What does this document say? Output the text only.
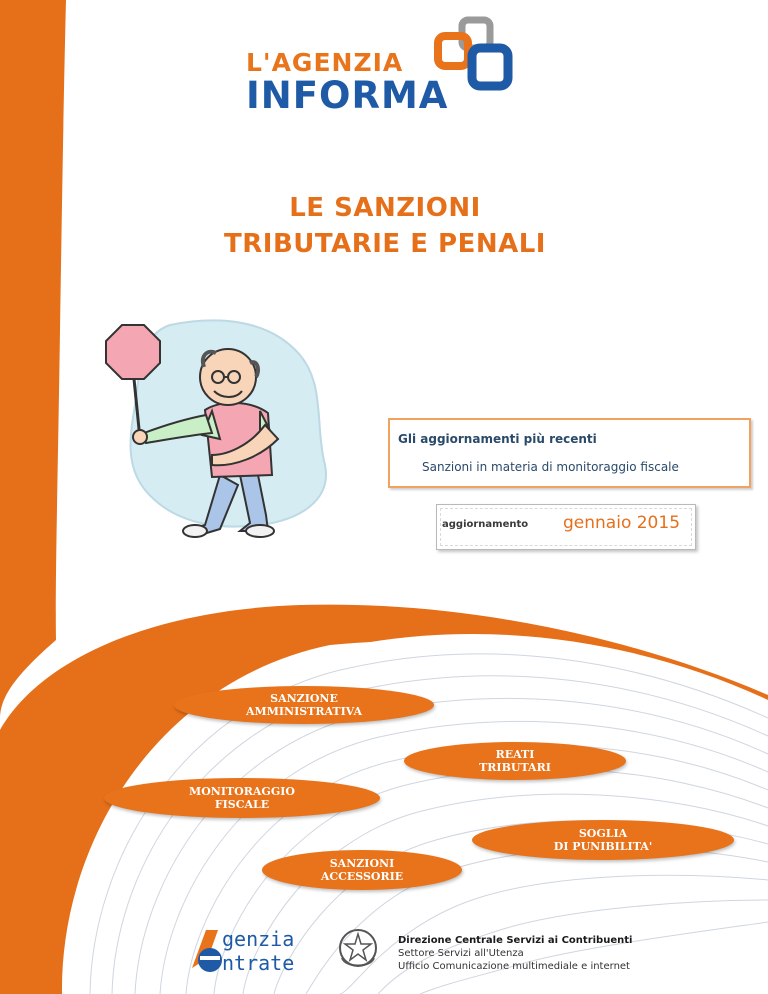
L'AGENZIA
INFORMA
LE SANZIONI
TRIBUTARIE E PENALI
Gli aggiornamenti più recenti
Sanzioni in materia di monitoraggio fiscale
aggiornamento gennaio 2015
SANZIONE
AMMINISTRATIVA
REATI
TRIBUTARI
MONITORAGGIO
FISCALE
SOGLIA
DI PUNIBILITA'
SANZIONI
ACCESSORIE
genzia
ntrate
Direzione Centrale Servizi ai Contribuenti
Settore Servizi all'Utenza
Ufficio Comunicazione multimediale e internet
